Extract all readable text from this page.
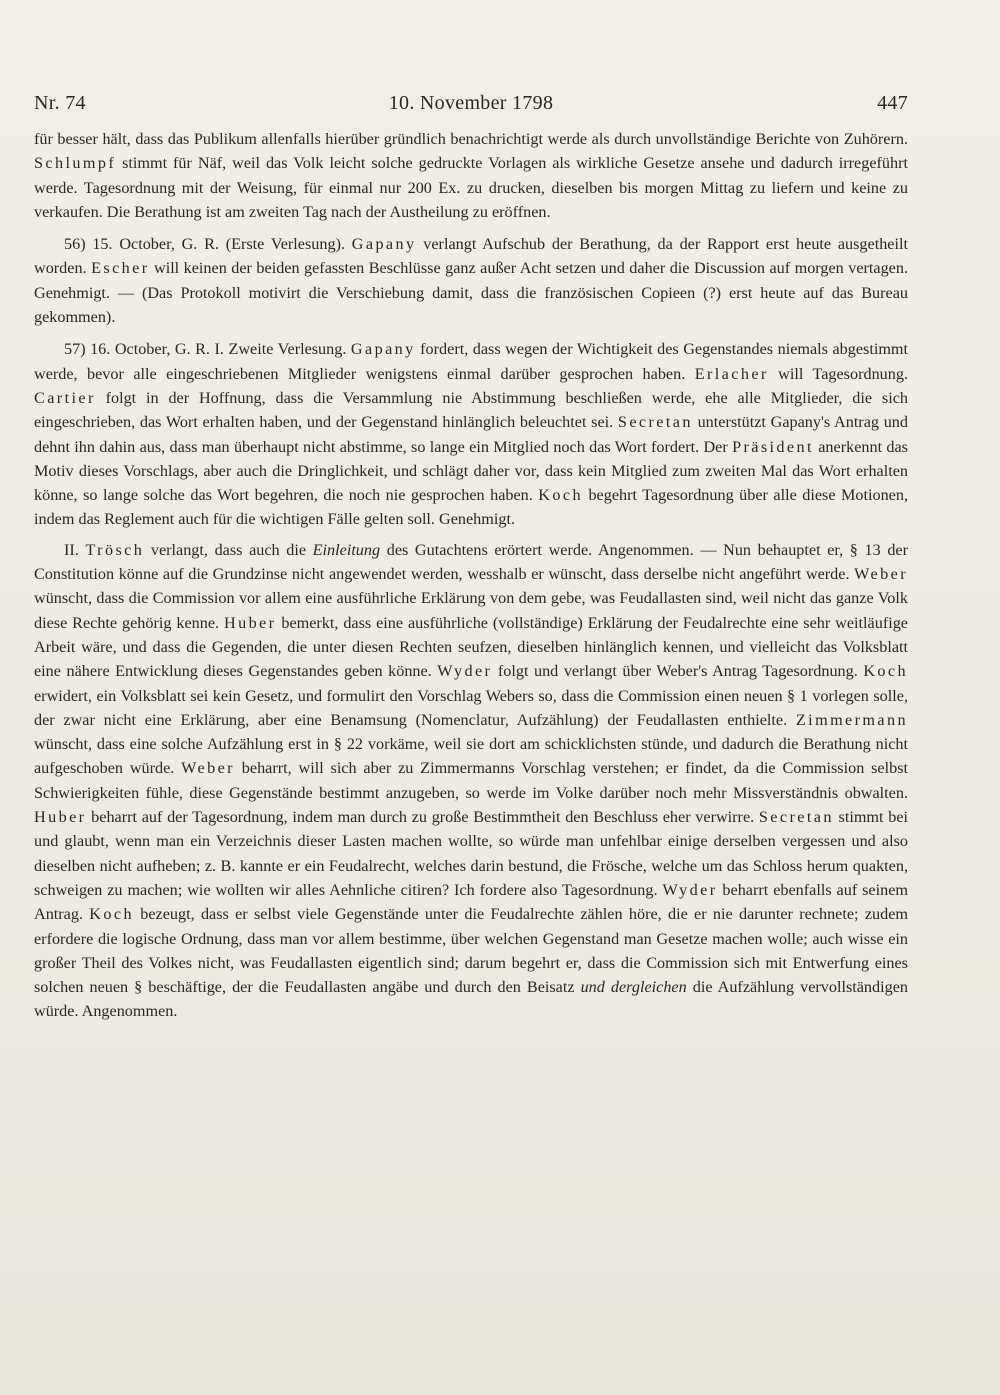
Nr. 74	10. November 1798	447

für besser hält, dass das Publikum allenfalls hierüber gründlich benachrichtigt werde als durch unvollständige Berichte von Zuhörern. Schlumpf stimmt für Näf, weil das Volk leicht solche gedruckte Vorlagen als wirkliche Gesetze ansehe und dadurch irregeführt werde. Tagesordnung mit der Weisung, für einmal nur 200 Ex. zu drucken, dieselben bis morgen Mittag zu liefern und keine zu verkaufen. Die Berathung ist am zweiten Tag nach der Austheilung zu eröffnen.

56) 15. October, G. R. (Erste Verlesung). Gapany verlangt Aufschub der Berathung, da der Rapport erst heute ausgetheilt worden. Escher will keinen der beiden gefassten Beschlüsse ganz außer Acht setzen und daher die Discussion auf morgen vertagen. Genehmigt. — (Das Protokoll motivirt die Verschiebung damit, dass die französischen Copieen (?) erst heute auf das Bureau gekommen).

57) 16. October, G. R. I. Zweite Verlesung. Gapany fordert, dass wegen der Wichtigkeit des Gegenstandes niemals abgestimmt werde, bevor alle eingeschriebenen Mitglieder wenigstens einmal darüber gesprochen haben. Erlacher will Tagesordnung. Cartier folgt in der Hoffnung, dass die Versammlung nie Abstimmung beschließen werde, ehe alle Mitglieder, die sich eingeschrieben, das Wort erhalten haben, und der Gegenstand hinlänglich beleuchtet sei. Secretan unterstützt Gapany's Antrag und dehnt ihn dahin aus, dass man überhaupt nicht abstimme, so lange ein Mitglied noch das Wort fordert. Der Präsident anerkennt das Motiv dieses Vorschlags, aber auch die Dringlichkeit, und schlägt daher vor, dass kein Mitglied zum zweiten Mal das Wort erhalten könne, so lange solche das Wort begehren, die noch nie gesprochen haben. Koch begehrt Tagesordnung über alle diese Motionen, indem das Reglement auch für die wichtigen Fälle gelten soll. Genehmigt.

II. Trösch verlangt, dass auch die Einleitung des Gutachtens erörtert werde. Angenommen. — Nun behauptet er, § 13 der Constitution könne auf die Grundzinse nicht angewendet werden, wesshalb er wünscht, dass derselbe nicht angeführt werde. Weber wünscht, dass die Commission vor allem eine ausführliche Erklärung von dem gebe, was Feudallasten sind, weil nicht das ganze Volk diese Rechte gehörig kenne. Huber bemerkt, dass eine ausführliche (vollständige) Erklärung der Feudalrechte eine sehr weitläufige Arbeit wäre, und dass die Gegenden, die unter diesen Rechten seufzen, dieselben hinlänglich kennen, und vielleicht das Volksblatt eine nähere Entwicklung dieses Gegenstandes geben könne. Wyder folgt und verlangt über Weber's Antrag Tagesordnung. Koch erwidert, ein Volksblatt sei kein Gesetz, und formulirt den Vorschlag Webers so, dass die Commission einen neuen § 1 vorlegen solle, der zwar nicht eine Erklärung, aber eine Benamsung (Nomenclatur, Aufzählung) der Feudallasten enthielte. Zimmermann wünscht, dass eine solche Aufzählung erst in § 22 vorkäme, weil sie dort am schicklichsten stünde, und dadurch die Berathung nicht aufgeschoben würde. Weber beharrt, will sich aber zu Zimmermanns Vorschlag verstehen; er findet, da die Commission selbst Schwierigkeiten fühle, diese Gegenstände bestimmt anzugeben, so werde im Volke darüber noch mehr Missverständnis obwalten. Huber beharrt auf der Tagesordnung, indem man durch zu große Bestimmtheit den Beschluss eher verwirre. Secretan stimmt bei und glaubt, wenn man ein Verzeichnis dieser Lasten machen wollte, so würde man unfehlbar einige derselben vergessen und also dieselben nicht aufheben; z. B. kannte er ein Feudalrecht, welches darin bestund, die Frösche, welche um das Schloss herum quakten, schweigen zu machen; wie wollten wir alles Aehnliche citiren? Ich fordere also Tagesordnung. Wyder beharrt ebenfalls auf seinem Antrag. Koch bezeugt, dass er selbst viele Gegenstände unter die Feudalrechte zählen höre, die er nie darunter rechnete; zudem erfordere die logische Ordnung, dass man vor allem bestimme, über welchen Gegenstand man Gesetze machen wolle; auch wisse ein großer Theil des Volkes nicht, was Feudallasten eigentlich sind; darum begehrt er, dass die Commission sich mit Entwerfung eines solchen neuen § beschäftige, der die Feudallasten angäbe und durch den Beisatz und dergleichen die Aufzählung vervollständigen würde. Angenommen.
